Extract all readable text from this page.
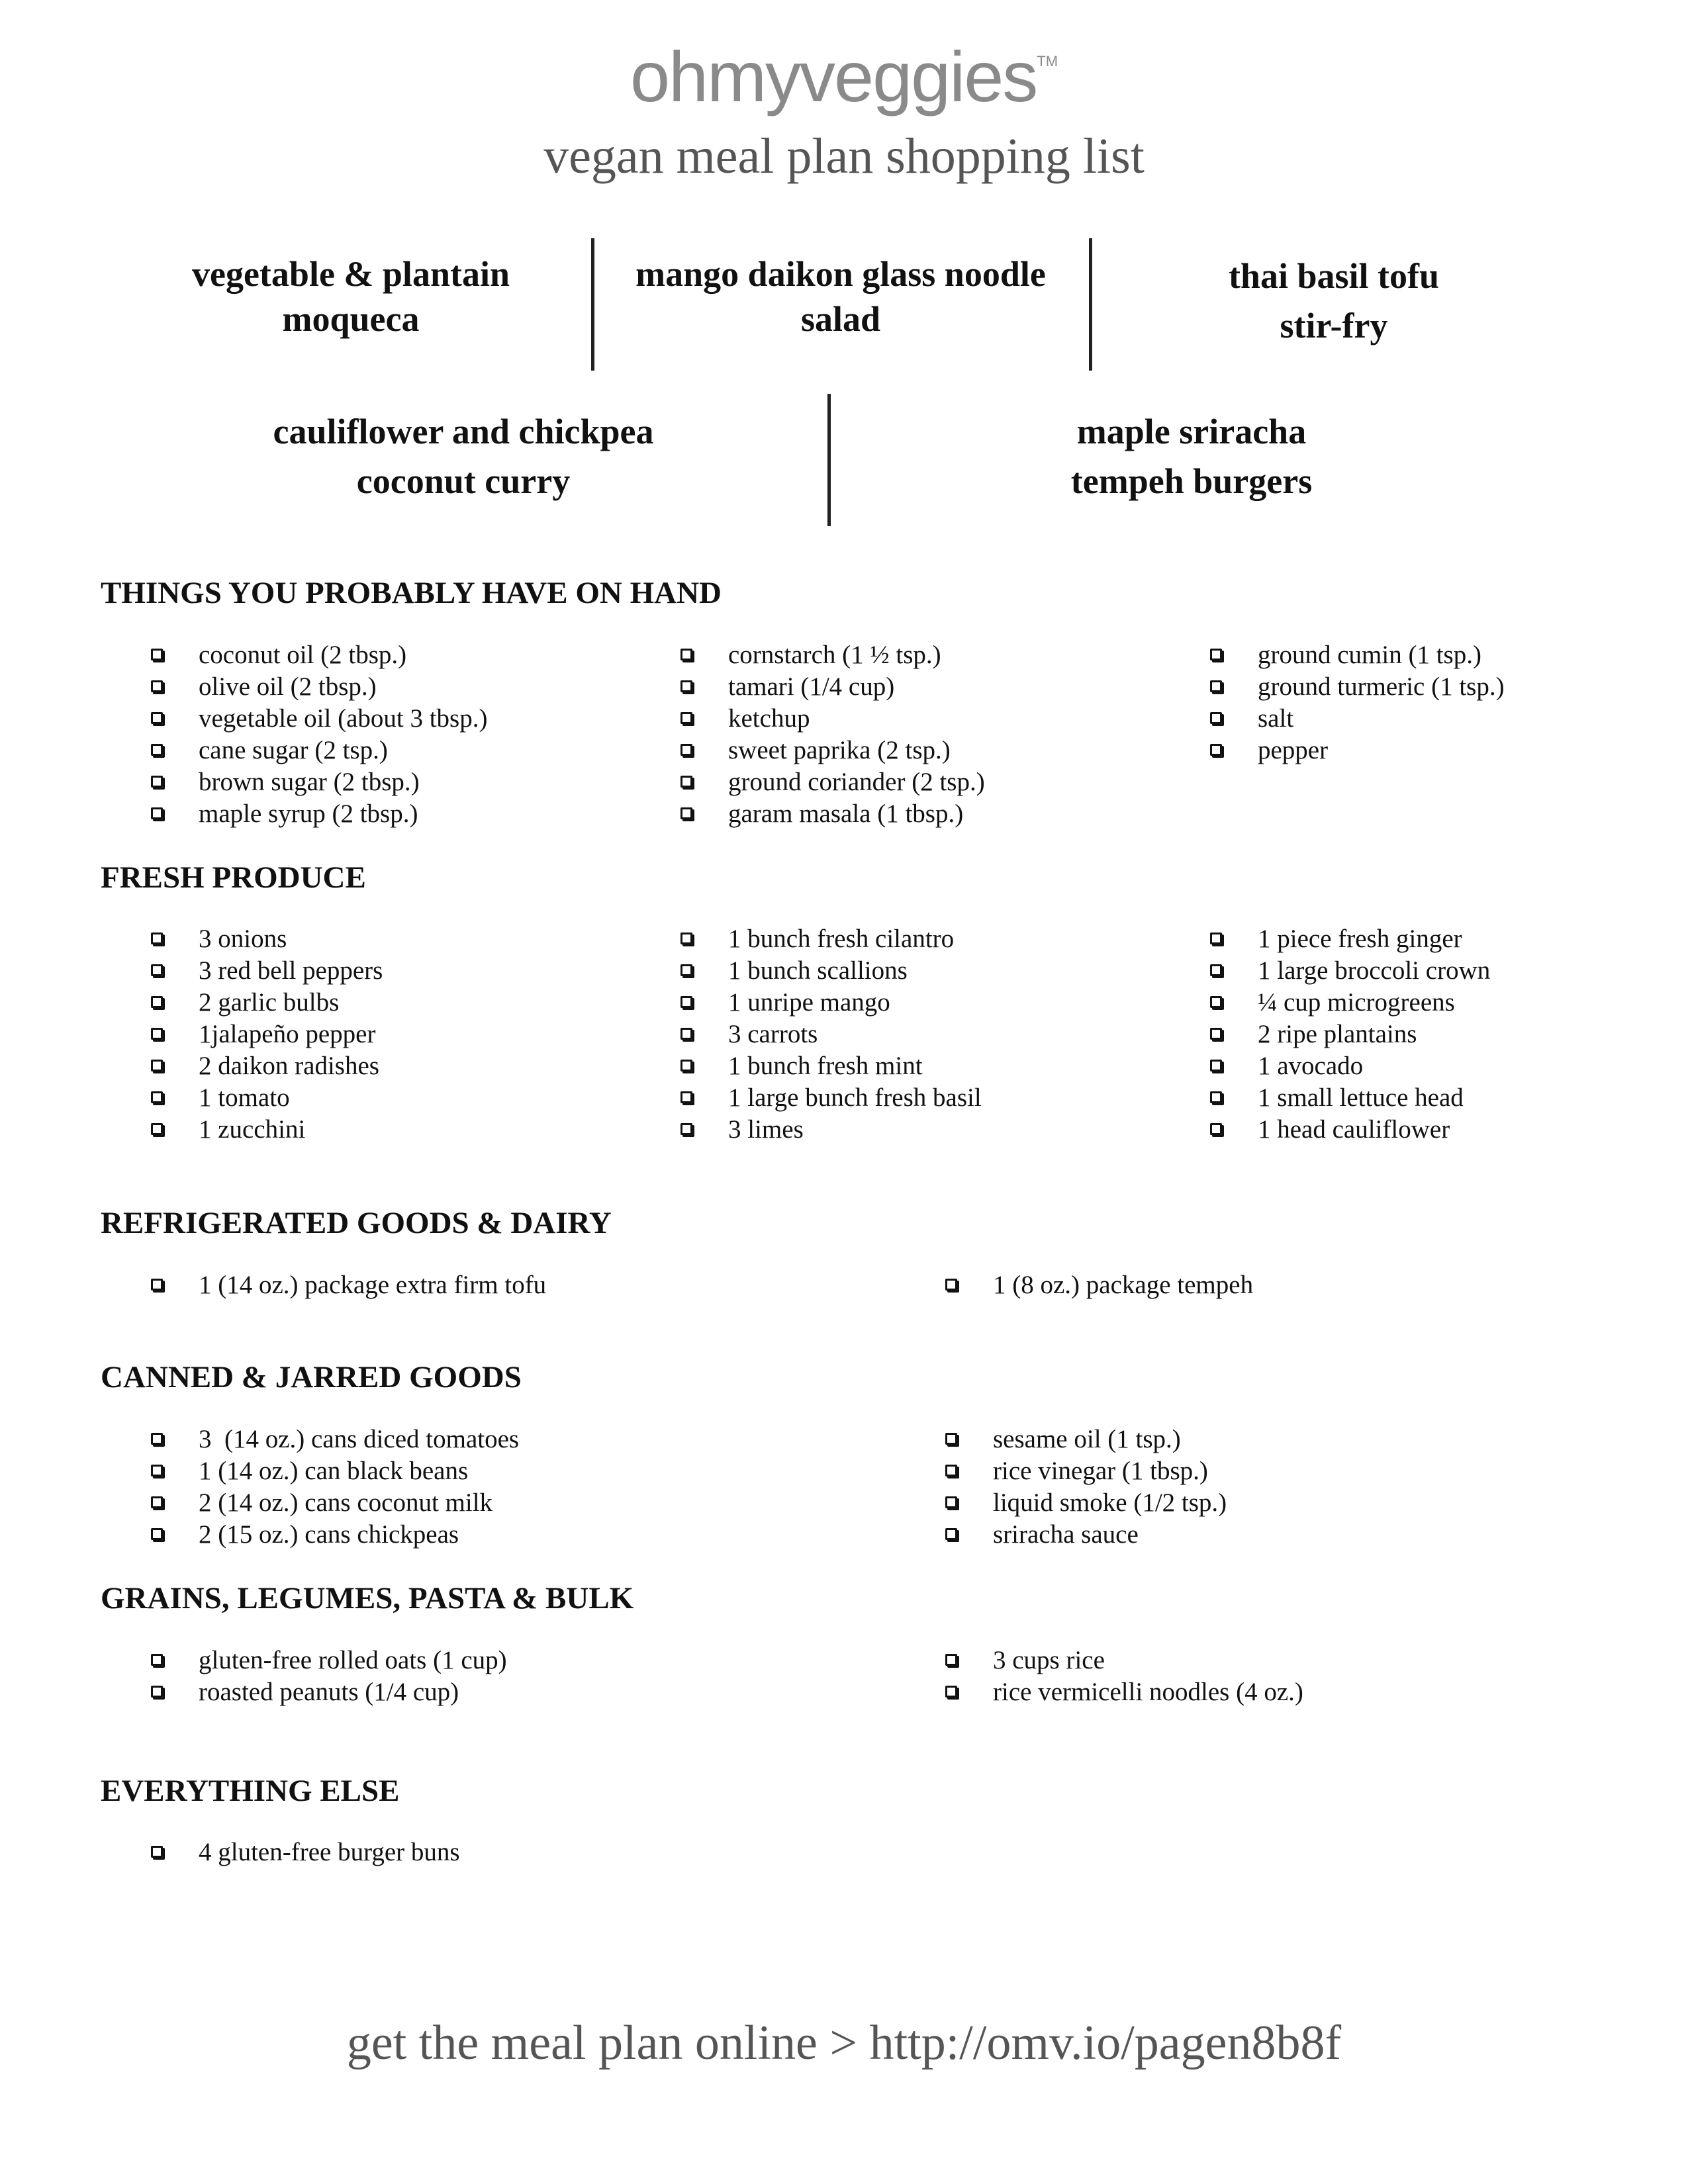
ohmyveggies™
vegan meal plan shopping list
vegetable & plantain
moqueca
mango daikon glass noodle
salad
thai basil tofu
stir-fry
cauliflower and chickpea
coconut curry
maple sriracha
tempeh burgers
THINGS YOU PROBABLY HAVE ON HAND
coconut oil (2 tbsp.)
olive oil (2 tbsp.)
vegetable oil (about 3 tbsp.)
cane sugar (2 tsp.)
brown sugar (2 tbsp.)
maple syrup (2 tbsp.)
cornstarch (1 ½ tsp.)
tamari (1/4 cup)
ketchup
sweet paprika (2 tsp.)
ground coriander (2 tsp.)
garam masala (1 tbsp.)
ground cumin (1 tsp.)
ground turmeric (1 tsp.)
salt
pepper
FRESH PRODUCE
3 onions
3 red bell peppers
2 garlic bulbs
1jalapeño pepper
2 daikon radishes
1 tomato
1 zucchini
1 bunch fresh cilantro
1 bunch scallions
1 unripe mango
3 carrots
1 bunch fresh mint
1 large bunch fresh basil
3 limes
1 piece fresh ginger
1 large broccoli crown
¼ cup microgreens
2 ripe plantains
1 avocado
1 small lettuce head
1 head cauliflower
REFRIGERATED GOODS & DAIRY
1 (14 oz.) package extra firm tofu	1 (8 oz.) package tempeh
CANNED & JARRED GOODS
3  (14 oz.) cans diced tomatoes
1 (14 oz.) can black beans
2 (14 oz.) cans coconut milk
2 (15 oz.) cans chickpeas
sesame oil (1 tsp.)
rice vinegar (1 tbsp.)
liquid smoke (1/2 tsp.)
sriracha sauce
GRAINS, LEGUMES, PASTA & BULK
gluten-free rolled oats (1 cup)
roasted peanuts (1/4 cup)
3 cups rice
rice vermicelli noodles (4 oz.)
EVERYTHING ELSE
4 gluten-free burger buns
get the meal plan online > http://omv.io/pagen8b8f
